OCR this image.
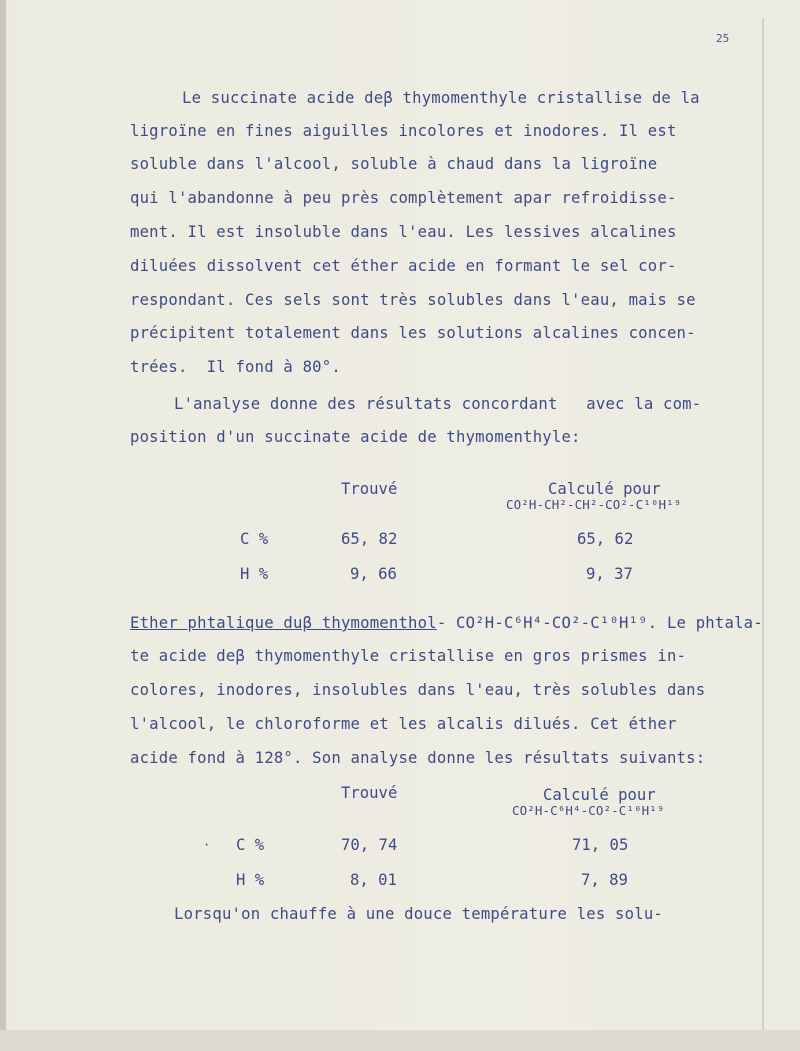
25
Le succinate acide deβ thymomenthyle cristallise de la
ligroïne en fines aiguilles incolores et inodores. Il est
soluble dans l'alcool, soluble à chaud dans la ligroïne
qui l'abandonne à peu près complètement apar refroidisse-
ment. Il est insoluble dans l'eau. Les lessives alcalines
diluées dissolvent cet éther acide en formant le sel cor-
respondant. Ces sels sont très solubles dans l'eau, mais se
précipitent totalement dans les solutions alcalines concen-
trées.  Il fond à 80°.
L'analyse donne des résultats concordant   avec la com-
position d'un succinate acide de thymomenthyle:
Trouvé	Calculé pour
CO²H-CH²-CH²-CO²-C¹⁰H¹⁹
C %	65, 82	65, 62
H %	9, 66	9, 37
Ether phtalique duβ thymomenthol- CO²H-C⁶H⁴-CO²-C¹⁰H¹⁹. Le phtala-
te acide deβ thymomenthyle cristallise en gros prismes in-
colores, inodores, insolubles dans l'eau, très solubles dans
l'alcool, le chloroforme et les alcalis dilués. Cet éther
acide fond à 128°. Son analyse donne les résultats suivants:
Trouvé	Calculé pour
CO²H-C⁶H⁴-CO²-C¹⁰H¹⁹
· C %	70, 74	71, 05
H %	8, 01	7, 89
Lorsqu'on chauffe à une douce température les solu-
